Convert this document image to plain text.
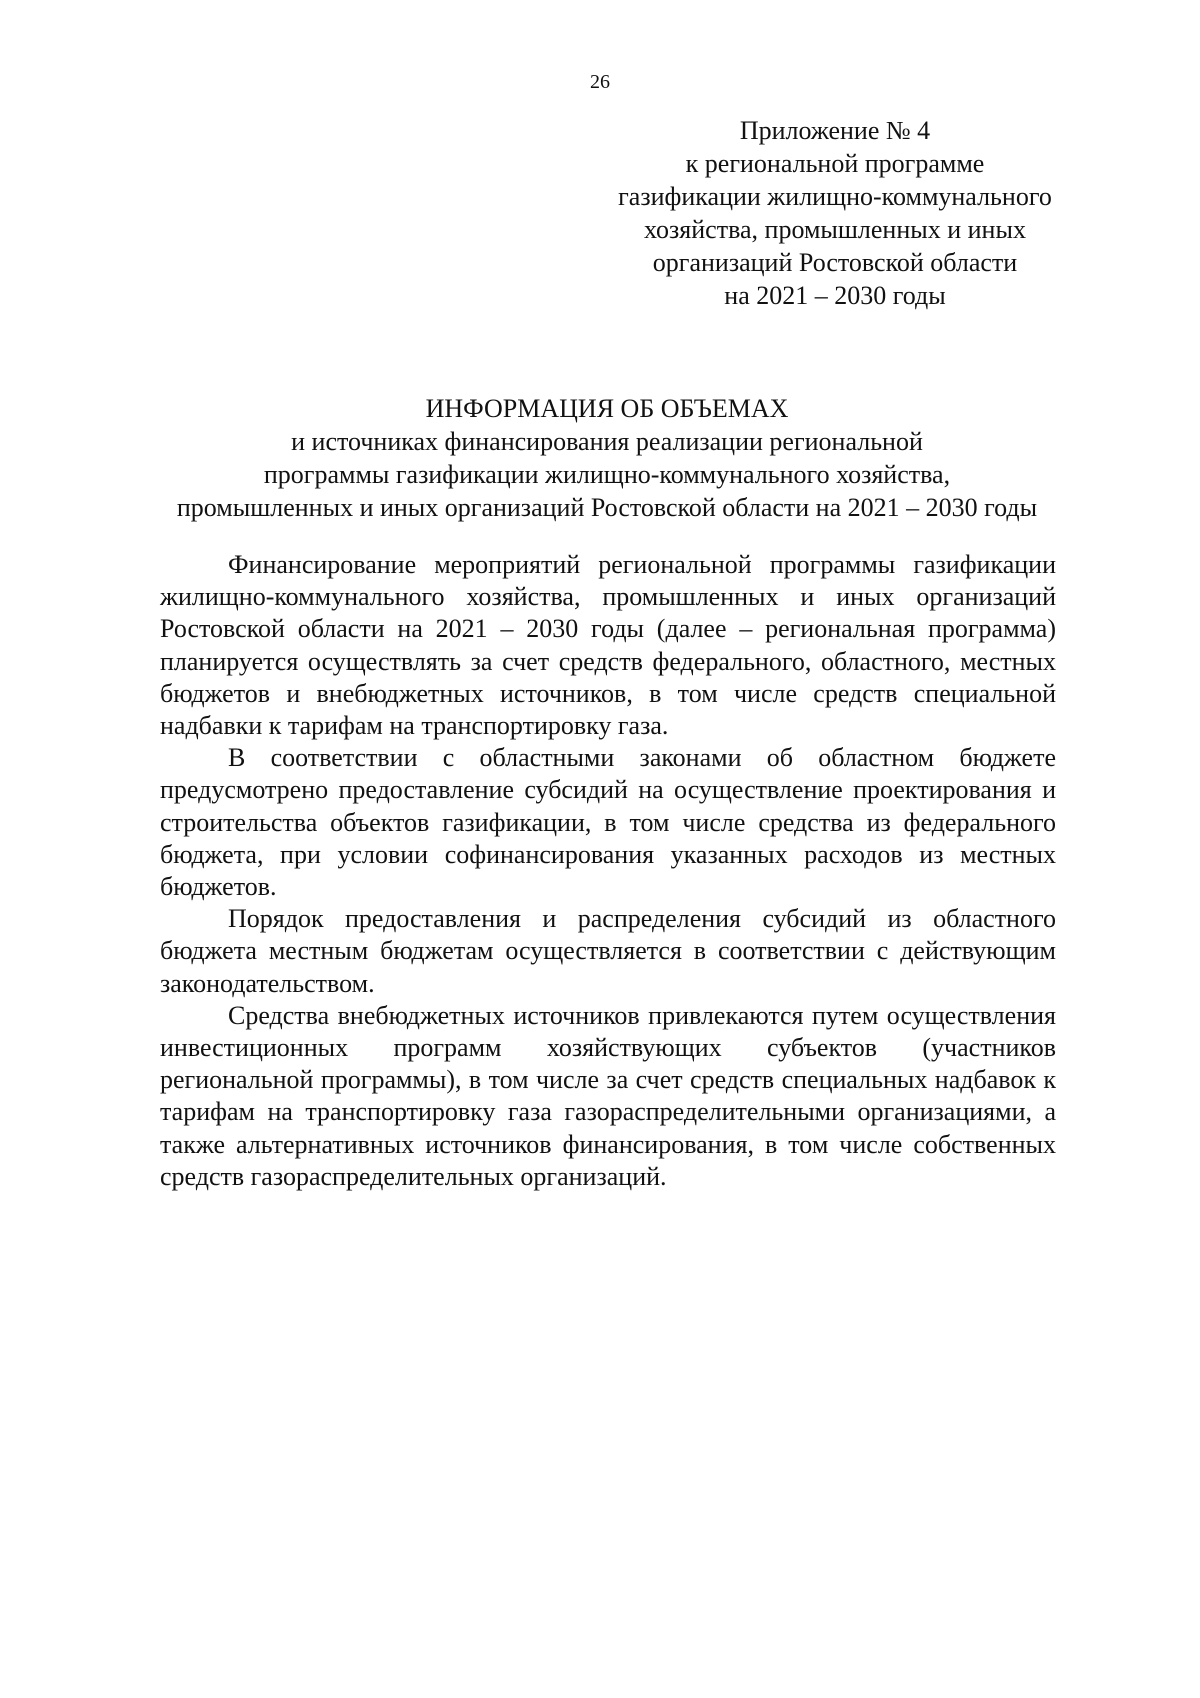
26
Приложение № 4
к региональной программе
газификации жилищно-коммунального
хозяйства, промышленных и иных
организаций Ростовской области
на 2021 – 2030 годы
ИНФОРМАЦИЯ ОБ ОБЪЕМАХ
и источниках финансирования реализации региональной
программы газификации жилищно-коммунального хозяйства,
промышленных и иных организаций Ростовской области на 2021 – 2030 годы

Финансирование мероприятий региональной программы газификации жилищно-коммунального хозяйства, промышленных и иных организаций Ростовской области на 2021 – 2030 годы (далее – региональная программа) планируется осуществлять за счет средств федерального, областного, местных бюджетов и внебюджетных источников, в том числе средств специальной надбавки к тарифам на транспортировку газа.

В соответствии с областными законами об областном бюджете предусмотрено предоставление субсидий на осуществление проектирования и строительства объектов газификации, в том числе средства из федерального бюджета, при условии софинансирования указанных расходов из местных бюджетов.

Порядок предоставления и распределения субсидий из областного бюджета местным бюджетам осуществляется в соответствии с действующим законодательством.

Средства внебюджетных источников привлекаются путем осуществления инвестиционных программ хозяйствующих субъектов (участников региональной программы), в том числе за счет средств специальных надбавок к тарифам на транспортировку газа газораспределительными организациями, а также альтернативных источников финансирования, в том числе собственных средств газораспределительных организаций.
